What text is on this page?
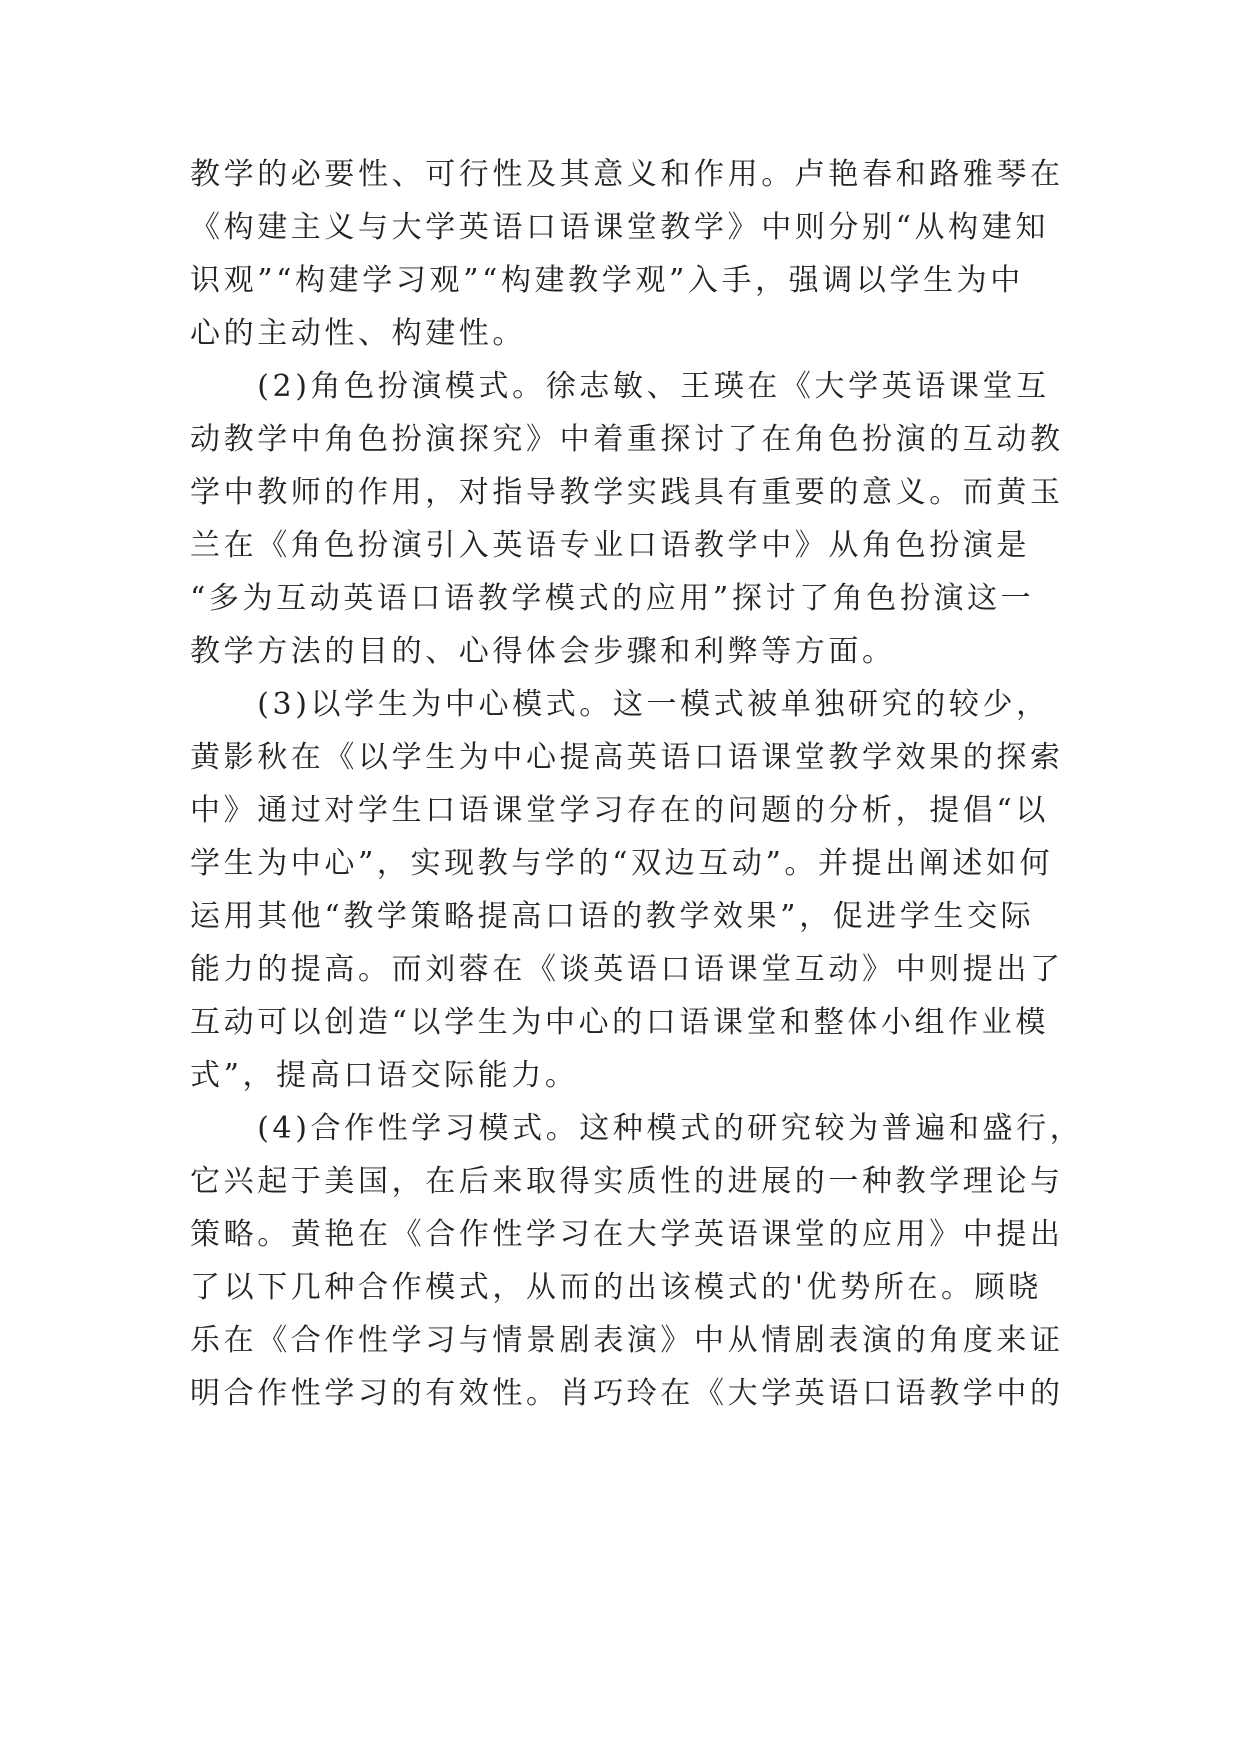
教学的必要性、可行性及其意义和作用。卢艳春和路雅琴在
《构建主义与大学英语口语课堂教学》中则分别“从构建知
识观”“构建学习观”“构建教学观”入手，强调以学生为中
心的主动性、构建性。
　　(2)角色扮演模式。徐志敏、王瑛在《大学英语课堂互
动教学中角色扮演探究》中着重探讨了在角色扮演的互动教
学中教师的作用，对指导教学实践具有重要的意义。而黄玉
兰在《角色扮演引入英语专业口语教学中》从角色扮演是
“多为互动英语口语教学模式的应用”探讨了角色扮演这一
教学方法的目的、心得体会步骤和利弊等方面。
　　(3)以学生为中心模式。这一模式被单独研究的较少，
黄影秋在《以学生为中心提高英语口语课堂教学效果的探索
中》通过对学生口语课堂学习存在的问题的分析，提倡“以
学生为中心”，实现教与学的“双边互动”。并提出阐述如何
运用其他“教学策略提高口语的教学效果”，促进学生交际
能力的提高。而刘蓉在《谈英语口语课堂互动》中则提出了
互动可以创造“以学生为中心的口语课堂和整体小组作业模
式”，提高口语交际能力。
　　(4)合作性学习模式。这种模式的研究较为普遍和盛行，
它兴起于美国，在后来取得实质性的进展的一种教学理论与
策略。黄艳在《合作性学习在大学英语课堂的应用》中提出
了以下几种合作模式，从而的出该模式的'优势所在。顾晓
乐在《合作性学习与情景剧表演》中从情剧表演的角度来证
明合作性学习的有效性。肖巧玲在《大学英语口语教学中的
